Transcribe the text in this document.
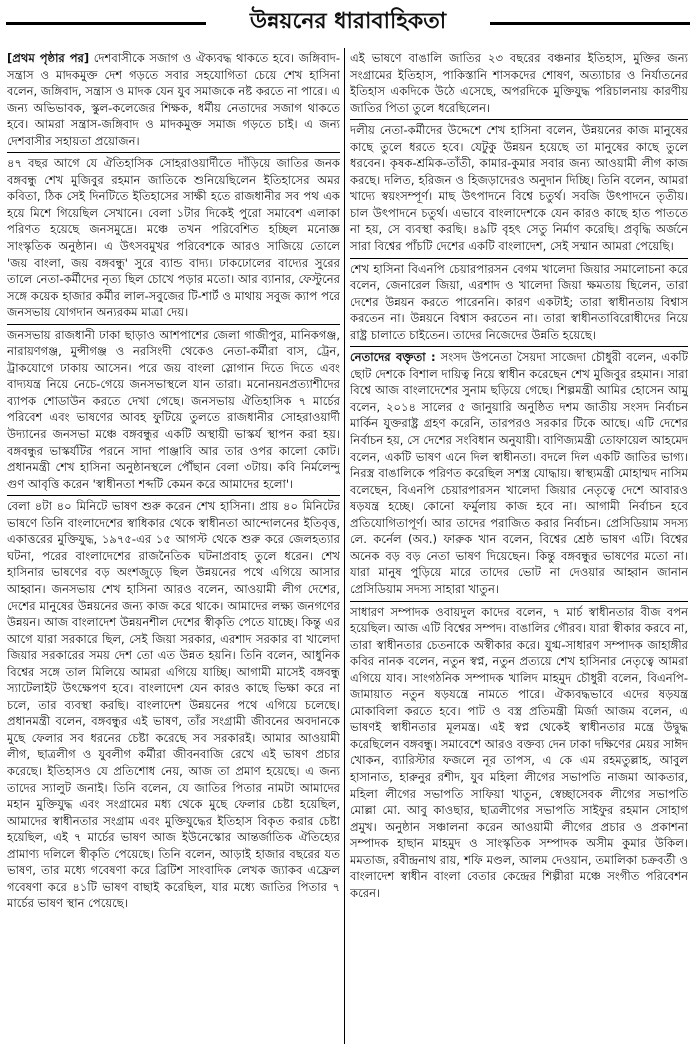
উন্নয়নের ধারাবাহিকতা

[প্রথম পৃষ্ঠার পর] দেশবাসীকে সজাগ ও ঐক্যবদ্ধ থাকতে হবে। জঙ্গিবাদ-সন্ত্রাস ও মাদকমুক্ত দেশ গড়তে সবার সহযোগিতা চেয়ে শেখ হাসিনা বলেন, জঙ্গিবাদ, সন্ত্রাস ও মাদক যেন যুব সমাজকে নষ্ট করতে না পারে। এ জন্য অভিভাবক, স্কুল-কলেজের শিক্ষক, ধর্মীয় নেতাদের সজাগ থাকতে হবে। আমরা সন্ত্রাস-জঙ্গিবাদ ও মাদকমুক্ত সমাজ গড়তে চাই। এ জন্য দেশবাসীর সহায়তা প্রয়োজন।

৪৭ বছর আগে যে ঐতিহাসিক সোহরাওয়ার্দীতে দাঁড়িয়ে জাতির জনক বঙ্গবন্ধু শেখ মুজিবুর রহমান জাতিকে শুনিয়েছিলেন ইতিহাসের অমর কবিতা, ঠিক সেই দিনটিতে ইতিহাসের সাক্ষী হতে রাজধানীর সব পথ এক হয়ে মিশে গিয়েছিল সেখানে। বেলা ১টার দিকেই পুরো সমাবেশ এলাকা পরিণত হয়েছে জনসমুদ্রে। মঞ্চে তখন পরিবেশিত হচ্ছিল মনোজ্ঞ সাংস্কৃতিক অনুষ্ঠান। এ উৎসবমুখর পরিবেশকে আরও সাজিয়ে তোলে 'জয় বাংলা, জয় বঙ্গবন্ধু' সুরে ব্যান্ড বাদ্য। ঢাকঢোলের বাদ্যের সুরের তালে নেতা-কর্মীদের নৃত্য ছিল চোখে পড়ার মতো। আর ব্যানার, ফেস্টুনের সঙ্গে কয়েক হাজার কর্মীর লাল-সবুজের টি-শার্ট ও মাথায় সবুজ ক্যাপ পরে জনসভায় যোগদান অন্যরকম মাত্রা দেয়।

জনসভায় রাজধানী ঢাকা ছাড়াও আশপাশের জেলা গাজীপুর, মানিকগঞ্জ, নারায়ণগঞ্জ, মুন্সীগঞ্জ ও নরসিংদী থেকেও নেতা-কর্মীরা বাস, ট্রেন, ট্রাকযোগে ঢাকায় আসেন। পরে জয় বাংলা স্লোগান দিতে দিতে এবং বাদ্যযন্ত্র নিয়ে নেচে-গেয়ে জনসভাস্থলে যান তারা। মনোনয়নপ্রত্যাশীদের ব্যাপক শোডাউন করতে দেখা গেছে। জনসভায় ঐতিহাসিক ৭ মার্চের পরিবেশ এবং ভাষণের আবহ ফুটিয়ে তুলতে রাজধানীর সোহরাওয়ার্দী উদ্যানের জনসভা মঞ্চে বঙ্গবন্ধুর একটি অস্থায়ী ভাস্কর্য স্থাপন করা হয়। বঙ্গবন্ধুর ভাস্কর্যটির পরনে সাদা পাঞ্জাবি আর তার ওপর কালো কোট। প্রধানমন্ত্রী শেখ হাসিনা অনুষ্ঠানস্থলে পৌঁছান বেলা ৩টায়। কবি নির্মলেন্দু গুণ আবৃত্তি করেন 'স্বাধীনতা শব্দটি কেমন করে আমাদের হলো'।

বেলা ৪টা ৪০ মিনিটে ভাষণ শুরু করেন শেখ হাসিনা। প্রায় ৪০ মিনিটের ভাষণে তিনি বাংলাদেশের স্বাধিকার থেকে স্বাধীনতা আন্দোলনের ইতিবৃত্ত, একাত্তরের মুক্তিযুদ্ধ, ১৯৭৫-এর ১৫ আগস্ট থেকে শুরু করে জেলহত্যার ঘটনা, পরের বাংলাদেশের রাজনৈতিক ঘটনাপ্রবাহ তুলে ধরেন। শেখ হাসিনার ভাষণের বড় অংশজুড়ে ছিল উন্নয়নের পথে এগিয়ে আসার আহ্বান। জনসভায় শেখ হাসিনা আরও বলেন, আওয়ামী লীগ দেশের, দেশের মানুষের উন্নয়নের জন্য কাজ করে থাকে। আমাদের লক্ষ্য জনগণের উন্নয়ন। আজ বাংলাদেশ উন্নয়নশীল দেশের স্বীকৃতি পেতে যাচ্ছে। কিন্তু এর আগে যারা সরকারে ছিল, সেই জিয়া সরকার, এরশাদ সরকার বা খালেদা জিয়ার সরকারের সময় দেশ তো এত উন্নত হয়নি। তিনি বলেন, আধুনিক বিশ্বের সঙ্গে তাল মিলিয়ে আমরা এগিয়ে যাচ্ছি। আগামী মাসেই বঙ্গবন্ধু স্যাটেলাইট উৎক্ষেপণ হবে। বাংলাদেশ যেন কারও কাছে ভিক্ষা করে না চলে, তার ব্যবস্থা করছি। বাংলাদেশ উন্নয়নের পথে এগিয়ে চলেছে। প্রধানমন্ত্রী বলেন, বঙ্গবন্ধুর এই ভাষণ, তাঁর সংগ্রামী জীবনের অবদানকে মুছে ফেলার সব ধরনের চেষ্টা করেছে সব সরকারই। আমার আওয়ামী লীগ, ছাত্রলীগ ও যুবলীগ কর্মীরা জীবনবাজি রেখে এই ভাষণ প্রচার করেছে। ইতিহাসও যে প্রতিশোধ নেয়, আজ তা প্রমাণ হয়েছে। এ জন্য তাদের স্যালুট জনাই। তিনি বলেন, যে জাতির পিতার নামটা আমাদের মহান মুক্তিযুদ্ধ এবং সংগ্রামের মধ্য থেকে মুছে ফেলার চেষ্টা হয়েছিল, আমাদের স্বাধীনতার সংগ্রাম এবং মুক্তিযুদ্ধের ইতিহাস বিকৃত করার চেষ্টা হয়েছিল, এই ৭ মার্চের ভাষণ আজ ইউনেস্কোর আন্তর্জাতিক ঐতিহ্যের প্রামাণ্য দলিলে স্বীকৃতি পেয়েছে। তিনি বলেন, আড়াই হাজার বছরের যত ভাষণ, তার মধ্যে গবেষণা করে ব্রিটিশ সাংবাদিক লেখক জ্যাকব এফ্রেল গবেষণা করে ৪১টি ভাষণ বাছাই করেছিল, যার মধ্যে জাতির পিতার ৭ মার্চের ভাষণ স্থান পেয়েছে।

এই ভাষণে বাঙালি জাতির ২৩ বছরের বঞ্চনার ইতিহাস, মুক্তির জন্য সংগ্রামের ইতিহাস, পাকিস্তানি শাসকদের শোষণ, অত্যাচার ও নির্যাতনের ইতিহাস একদিকে উঠে এসেছে, অপরদিকে মুক্তিযুদ্ধ পরিচালনায় কারণীয় জাতির পিতা তুলে ধরেছিলেন।

দলীয় নেতা-কর্মীদের উদ্দেশে শেখ হাসিনা বলেন, উন্নয়নের কাজ মানুষের কাছে তুলে ধরতে হবে। যেটুকু উন্নয়ন হয়েছে তা মানুষের কাছে তুলে ধরবেন। কৃষক-শ্রমিক-তাঁতী, কামার-কুমার সবার জন্য আওয়ামী লীগ কাজ করছে। দলিত, হরিজন ও হিজড়াদেরও অনুদান দিচ্ছি। তিনি বলেন, আমরা খাদ্যে স্বয়ংসম্পূর্ণ। মাছ উৎপাদনে বিশ্বে চতুর্থ। সবজি উৎপাদনে তৃতীয়। চাল উৎপাদনে চতুর্থ। এভাবে বাংলাদেশকে যেন কারও কাছে হাত পাততে না হয়, সে ব্যবস্থা করছি। ৪৯টি বৃহৎ সেতু নির্মাণ করেছি। প্রবৃদ্ধি অর্জনে সারা বিশ্বের পাঁচটি দেশের একটি বাংলাদেশ, সেই সম্মান আমরা পেয়েছি।

শেখ হাসিনা বিএনপি চেয়ারপারসন বেগম খালেদা জিয়ার সমালোচনা করে বলেন, জেনারেল জিয়া, এরশাদ ও খালেদা জিয়া ক্ষমতায় ছিলেন, তারা দেশের উন্নয়ন করতে পারেননি। কারণ একটাই; তারা স্বাধীনতায় বিশ্বাস করতেন না। উন্নয়নে বিশ্বাস করতেন না। তারা স্বাধীনতাবিরোধীদের নিয়ে রাষ্ট্র চালাতে চাইতেন। তাদের নিজেদের উন্নতি হয়েছে।

নেতাদের বক্তৃতা : সংসদ উপনেতা সৈয়দা সাজেদা চৌধুরী বলেন, একটি ছোট দেশকে বিশাল দায়িত্ব নিয়ে স্বাধীন করেছেন শেখ মুজিবুর রহমান। সারা বিশ্বে আজ বাংলাদেশের সুনাম ছড়িয়ে গেছে। শিল্পমন্ত্রী আমির হোসেন আমু বলেন, ২০১৪ সালের ৫ জানুয়ারি অনুষ্ঠিত দশম জাতীয় সংসদ নির্বাচন মার্কিন যুক্তরাষ্ট্র গ্রহণ করেনি, তারপরও সরকার টিকে আছে। এটি দেশের নির্বাচন হয়, সে দেশের সংবিধান অনুযায়ী। বাণিজ্যমন্ত্রী তোফায়েল আহমেদ বলেন, একটি ভাষণ এনে দিল স্বাধীনতা। বদলে দিল একটি জাতির ভাগ্য। নিরস্ত্র বাঙালিকে পরিণত করেছিল সশস্ত্র যোদ্ধায়। স্বাস্থ্যমন্ত্রী মোহাম্মদ নাসিম বলেছেন, বিএনপি চেয়ারপারসন খালেদা জিয়ার নেতৃত্বে দেশে আবারও ষড়যন্ত্র হচ্ছে। কোনো ফর্মুলায় কাজ হবে না। আগামী নির্বাচন হবে প্রতিযোগিতাপূর্ণ। আর তাদের পরাজিত করার নির্বাচন। প্রেসিডিয়াম সদস্য লে. কর্নেল (অব.) ফারুক খান বলেন, বিশ্বের শ্রেষ্ঠ ভাষণ এটি। বিশ্বের অনেক বড় বড় নেতা ভাষণ দিয়েছেন। কিন্তু বঙ্গবন্ধুর ভাষণের মতো না। যারা মানুষ পুড়িয়ে মারে তাদের ভোট না দেওয়ার আহ্বান জানান প্রেসিডিয়াম সদস্য সাহারা খাতুন।

সাধারণ সম্পাদক ওবায়দুল কাদের বলেন, ৭ মার্চ স্বাধীনতার বীজ বপন হয়েছিল। আজ এটি বিশ্বের সম্পদ। বাঙালির গৌরব। যারা স্বীকার করবে না, তারা স্বাধীনতার চেতনাকে অস্বীকার করে। যুগ্ম-সাধারণ সম্পাদক জাহাঙ্গীর কবির নানক বলেন, নতুন স্বপ্ন, নতুন প্রত্যয়ে শেখ হাসিনার নেতৃত্বে আমরা এগিয়ে যাব। সাংগঠনিক সম্পাদক খালিদ মাহমুদ চৌধুরী বলেন, বিএনপি-জামায়াত নতুন ষড়যন্ত্রে নামতে পারে। ঐক্যবদ্ধভাবে এদের ষড়যন্ত্র মোকাবিলা করতে হবে। পাট ও বস্ত্র প্রতিমন্ত্রী মির্জা আজম বলেন, এ ভাষণই স্বাধীনতার মূলমন্ত্র। এই স্বপ্ন থেকেই স্বাধীনতার মন্ত্রে উদ্বুদ্ধ করেছিলেন বঙ্গবন্ধু। সমাবেশে আরও বক্তব্য দেন ঢাকা দক্ষিণের মেয়র সাঈদ খোকন, ব্যারিস্টার ফজলে নূর তাপস, এ কে এম রহমতুল্লাহ, আবুল হাসানাত, হারুনুর রশীদ, যুব মহিলা লীগের সভাপতি নাজমা আকতার, মহিলা লীগের সভাপতি সাফিয়া খাতুন, স্বেচ্ছাসেবক লীগের সভাপতি মোল্লা মো. আবু কাওছার, ছাত্রলীগের সভাপতি সাইফুর রহমান সোহাগ প্রমুখ। অনুষ্ঠান সঞ্চালনা করেন আওয়ামী লীগের প্রচার ও প্রকাশনা সম্পাদক হাছান মাহমুদ ও সাংস্কৃতিক সম্পাদক অসীম কুমার উকিল। মমতাজ, রবীন্দ্রনাথ রায়, শফি মণ্ডল, আলম দেওয়ান, তমালিকা চক্রবর্তী ও বাংলাদেশ স্বাধীন বাংলা বেতার কেন্দ্রের শিল্পীরা মঞ্চে সংগীত পরিবেশন করেন।
